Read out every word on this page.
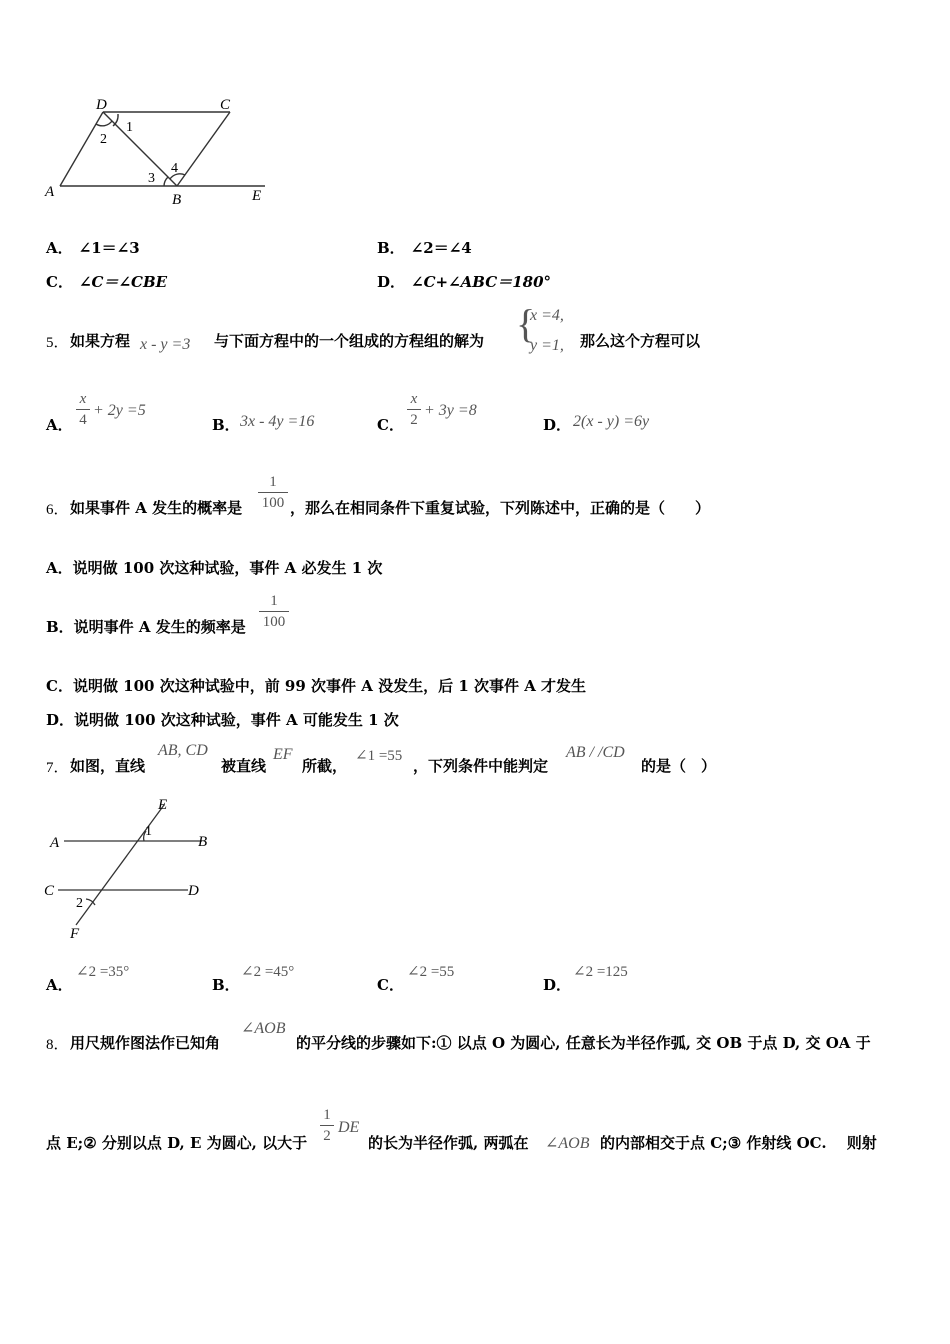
D	C
A	B	E
1
2
3
4
A． ∠1＝∠3	B． ∠2＝∠4
C． ∠C＝∠CBE	D． ∠C+∠ABC＝180°
5． 如果方程 x - y =3 与下面方程中的一个组成的方程组的解为 {
x =4,
y =1, 那么这个方程可以
A．
x
4
+ 2y =5
B． 3x - 4y =16	C．
x
2
+ 3y =8
D． 2(x - y) =6y
6． 如果事件 A 发生的概率是
1
100 ，那么在相同条件下重复试验，下列陈述中，正确的是（　　）
A．说明做 100 次这种试验，事件 A 必发生 1 次
B．说明事件 A 发生的频率是
1
100
C．说明做 100 次这种试验中，前 99 次事件 A 没发生，后 1 次事件 A 才发生
D．说明做 100 次这种试验，事件 A 可能发生 1 次
7． 如图，直线
AB, CD
被直线
EF
所截，
∠1 =55
，下列条件中能判定
AB / /CD
的是（　）
E
A	B
C	D
F
1
2
A．
∠2 =35°
B．
∠2 =45°
C．
∠2 =55
D．
∠2 =125
8． 用尺规作图法作已知角
∠AOB
的平分线的步骤如下:① 以点 O 为圆心, 任意长为半径作弧, 交 OB 于点 D, 交 OA 于
点 E;② 分别以点 D, E 为圆心, 以大于
1
2 DE
的长为半径作弧, 两弧在 ∠AOB 的内部相交于点 C;③ 作射线 OC.　 则射
